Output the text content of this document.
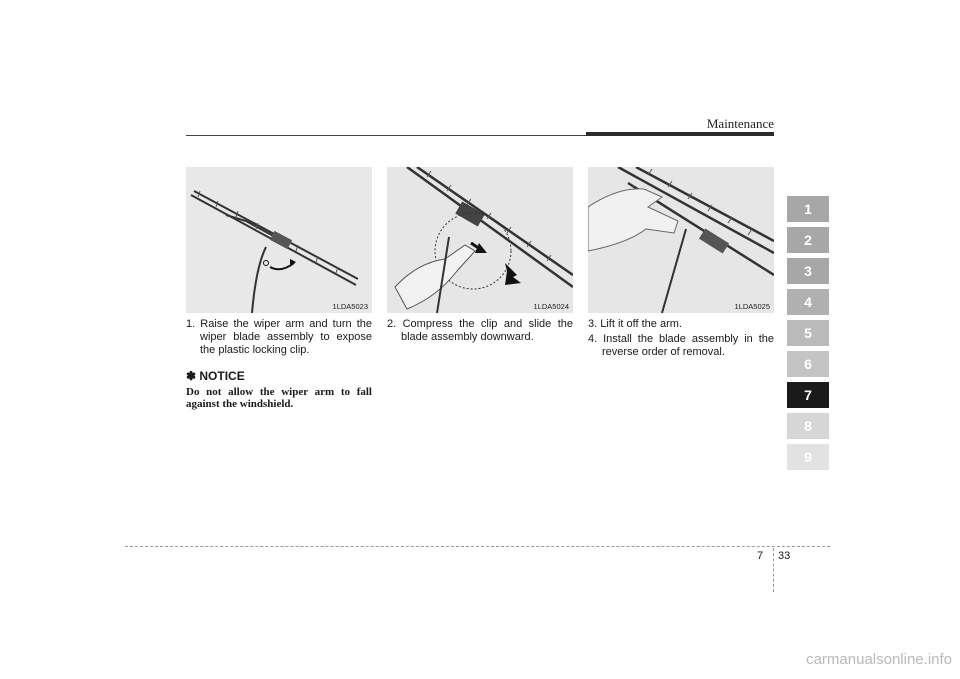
Maintenance
1LDA5023	1LDA5024	1LDA5025
1. Raise the wiper arm and turn the wiper blade assembly to expose the plastic locking clip.
2. Compress the clip and slide the blade assembly downward.
3. Lift it off the arm.
4. Install the blade assembly in the reverse order of removal.
✽ NOTICE
Do not allow the wiper arm to fall against the windshield.
1
2
3
4
5
6
7
8
9
7 33
carmanualsonline.info
